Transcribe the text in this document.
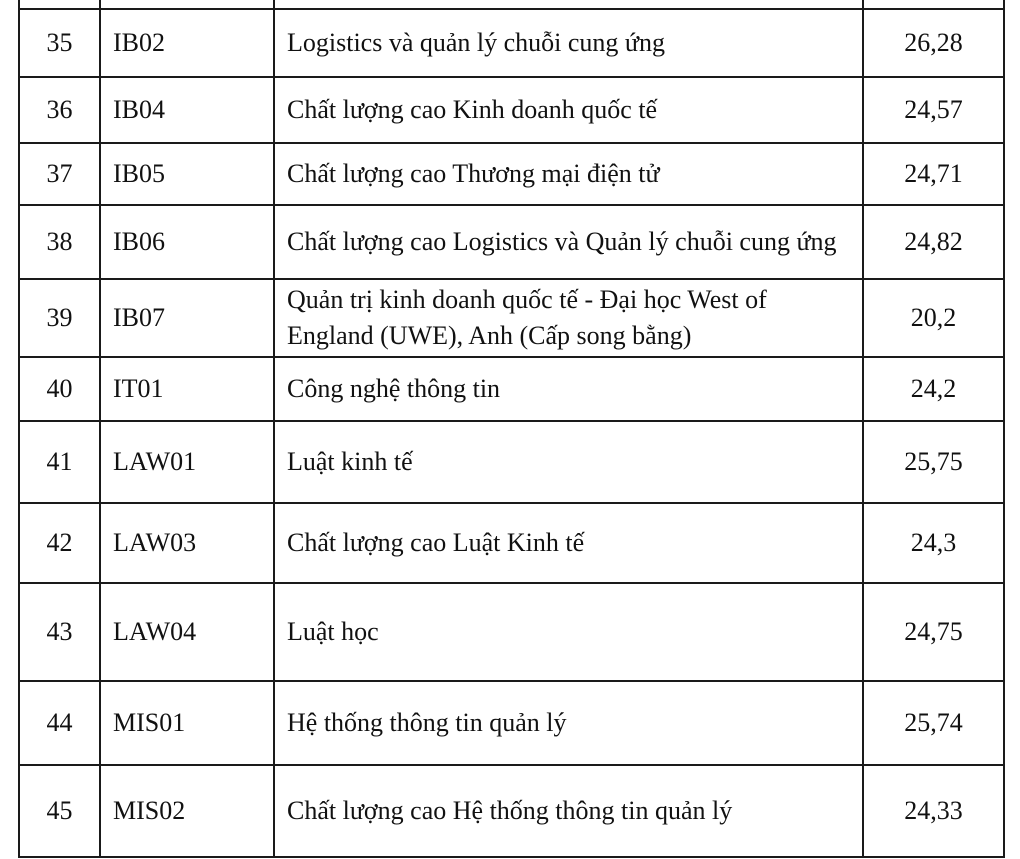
35	IB02	Logistics và quản lý chuỗi cung ứng	26,28
36	IB04	Chất lượng cao Kinh doanh quốc tế	24,57
37	IB05	Chất lượng cao Thương mại điện tử	24,71
38	IB06	Chất lượng cao Logistics và Quản lý chuỗi cung ứng	24,82
39	IB07	Quản trị kinh doanh quốc tế - Đại học West of England (UWE), Anh (Cấp song bằng)	20,2
40	IT01	Công nghệ thông tin	24,2
41	LAW01	Luật kinh tế	25,75
42	LAW03	Chất lượng cao Luật Kinh tế	24,3
43	LAW04	Luật học	24,75
44	MIS01	Hệ thống thông tin quản lý	25,74
45	MIS02	Chất lượng cao Hệ thống thông tin quản lý	24,33
